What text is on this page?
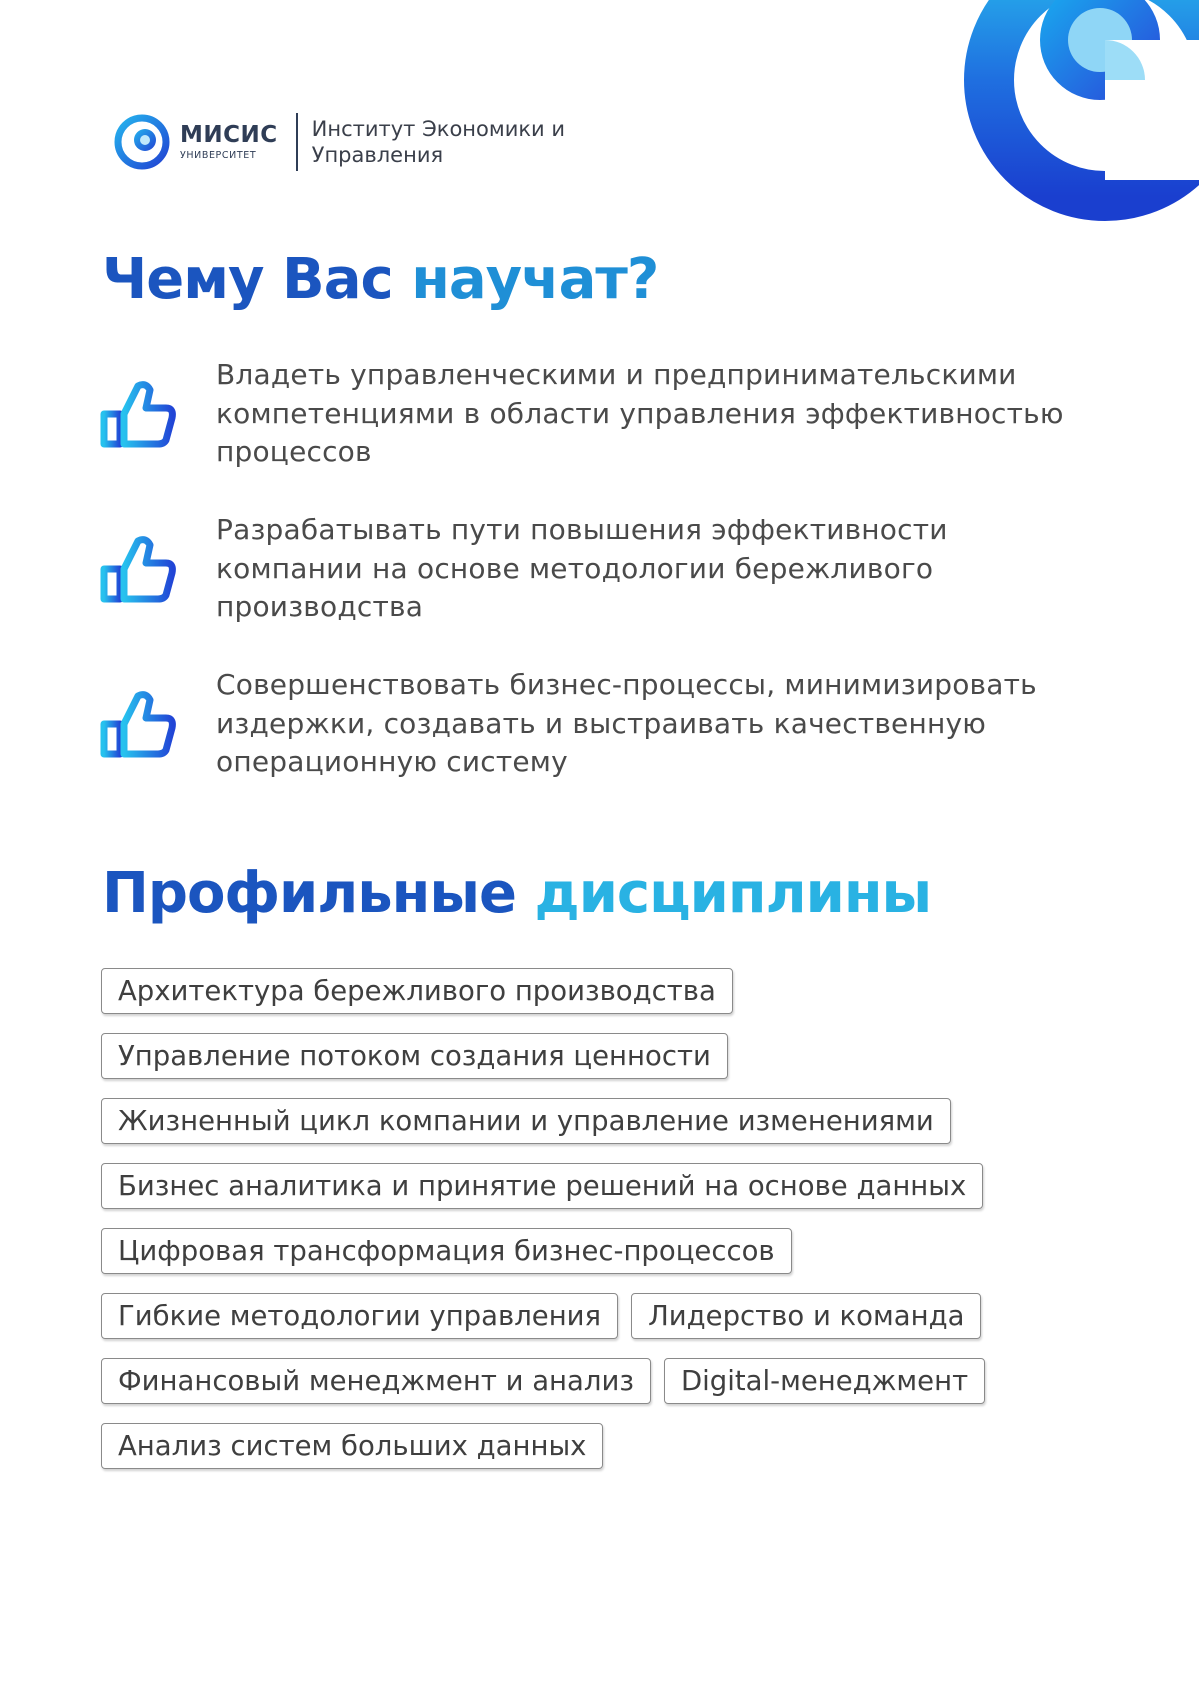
МИСИС
УНИВЕРСИТЕТ
Институт Экономики и Управления
Чему Вас научат?
Владеть управленческими и предпринимательскими компетенциями в области управления эффективностью процессов
Разрабатывать пути повышения эффективности компании на основе методологии бережливого производства
Совершенствовать бизнес-процессы, минимизировать издержки, создавать и выстраивать качественную операционную систему
Профильные дисциплины
Архитектура бережливого производства
Управление потоком создания ценности
Жизненный цикл компании и управление изменениями
Бизнес аналитика и принятие решений на основе данных
Цифровая трансформация бизнес-процессов
Гибкие методологии управления	Лидерство и команда
Финансовый менеджмент и анализ	Digital-менеджмент
Анализ систем больших данных
